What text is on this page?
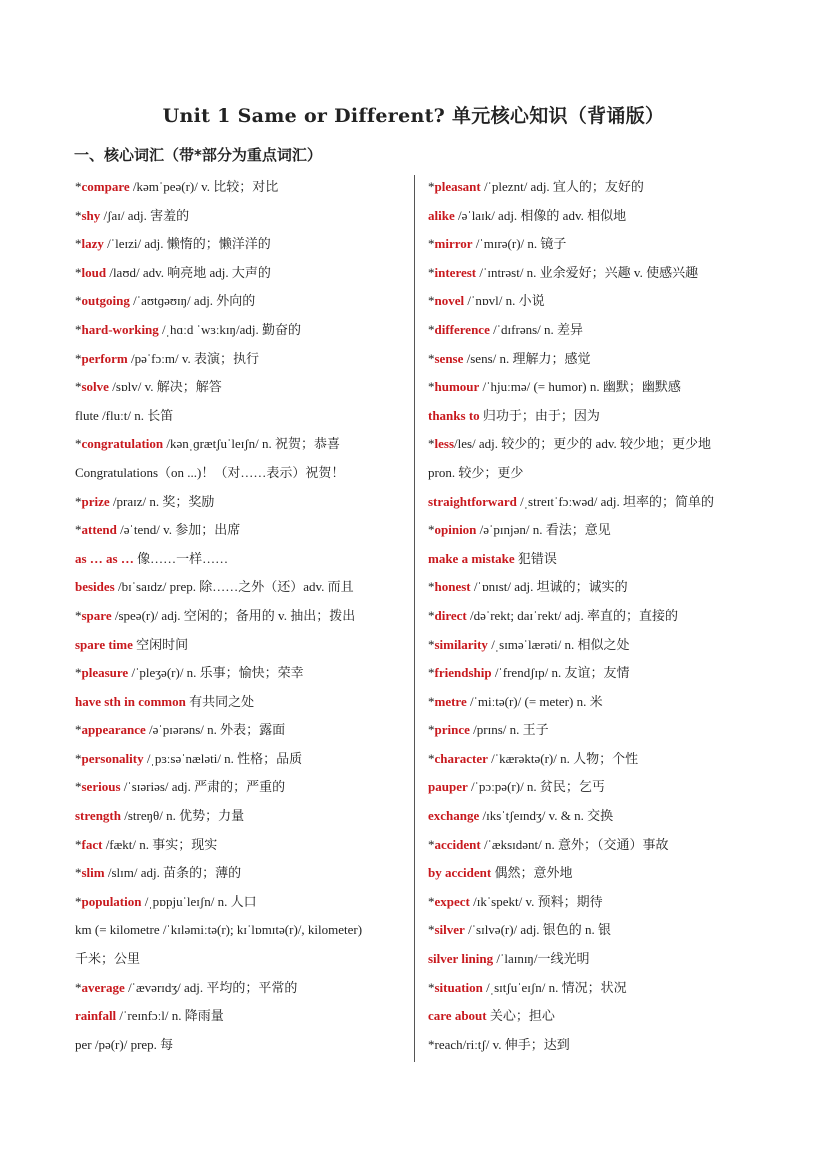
Unit 1 Same or Different? 单元核心知识（背诵版）
一、核心词汇（带*部分为重点词汇）
*compare /kəmˈpeə(r)/ v. 比较；对比
*shy /ʃaɪ/ adj. 害羞的
*lazy /ˈleɪzi/ adj. 懒惰的；懒洋洋的
*loud /laʊd/ adv. 响亮地 adj. 大声的
*outgoing /ˈaʊtɡəʊɪŋ/ adj. 外向的
*hard-working /ˌhɑːd ˈwɜːkɪŋ/adj. 勤奋的
*perform /pəˈfɔːm/ v. 表演；执行
*solve /sɒlv/ v. 解决；解答
flute /fluːt/ n. 长笛
*congratulation /kənˌɡrætʃuˈleɪʃn/ n. 祝贺；恭喜
Congratulations（on ...)！（对……表示）祝贺！
*prize /praɪz/ n. 奖；奖励
*attend /əˈtend/ v. 参加；出席
as … as … 像……一样……
besides /bɪˈsaɪdz/ prep. 除……之外（还）adv. 而且
*spare /speə(r)/ adj. 空闲的；备用的 v. 抽出；拨出
spare time 空闲时间
*pleasure /ˈpleʒə(r)/ n. 乐事；愉快；荣幸
have sth in common 有共同之处
*appearance /əˈpɪərəns/ n. 外表；露面
*personality /ˌpɜːsəˈnæləti/ n. 性格；品质
*serious /ˈsɪəriəs/ adj. 严肃的；严重的
strength /streŋθ/ n. 优势；力量
*fact /fækt/ n. 事实；现实
*slim /slɪm/ adj. 苗条的；薄的
*population /ˌpɒpjuˈleɪʃn/ n. 人口
km (= kilometre /ˈkɪləmiːtə(r); kɪˈlɒmɪtə(r)/, kilometer)
千米；公里
*average /ˈævərɪdʒ/ adj. 平均的；平常的
rainfall /ˈreɪnfɔːl/ n. 降雨量
per /pə(r)/ prep. 每
*pleasant /ˈpleznt/ adj. 宜人的；友好的
alike /əˈlaɪk/ adj. 相像的 adv. 相似地
*mirror /ˈmɪrə(r)/ n. 镜子
*interest /ˈɪntrəst/ n. 业余爱好；兴趣 v. 使感兴趣
*novel /ˈnɒvl/ n. 小说
*difference /ˈdɪfrəns/ n. 差异
*sense /sens/ n. 理解力；感觉
*humour /ˈhjuːmə/ (= humor) n. 幽默；幽默感
thanks to 归功于；由于；因为
*less/les/ adj. 较少的；更少的 adv. 较少地；更少地
pron. 较少；更少
straightforward /ˌstreɪtˈfɔːwəd/ adj. 坦率的；简单的
*opinion /əˈpɪnjən/ n. 看法；意见
make a mistake 犯错误
*honest /ˈɒnɪst/ adj. 坦诚的；诚实的
*direct /dəˈrekt; daɪˈrekt/ adj. 率直的；直接的
*similarity /ˌsɪməˈlærəti/ n. 相似之处
*friendship /ˈfrendʃɪp/ n. 友谊；友情
*metre /ˈmiːtə(r)/ (= meter) n. 米
*prince /prɪns/ n. 王子
*character /ˈkærəktə(r)/ n. 人物；个性
pauper /ˈpɔːpə(r)/ n. 贫民；乞丐
exchange /ɪksˈtʃeɪndʒ/ v. & n. 交换
*accident /ˈæksɪdənt/ n. 意外；（交通）事故
by accident 偶然；意外地
*expect /ɪkˈspekt/ v. 预料；期待
*silver /ˈsɪlvə(r)/ adj. 银色的 n. 银
silver lining /ˈlaɪnɪŋ/一线光明
*situation /ˌsɪtʃuˈeɪʃn/ n. 情况；状况
care about 关心；担心
*reach/riːtʃ/ v. 伸手；达到
